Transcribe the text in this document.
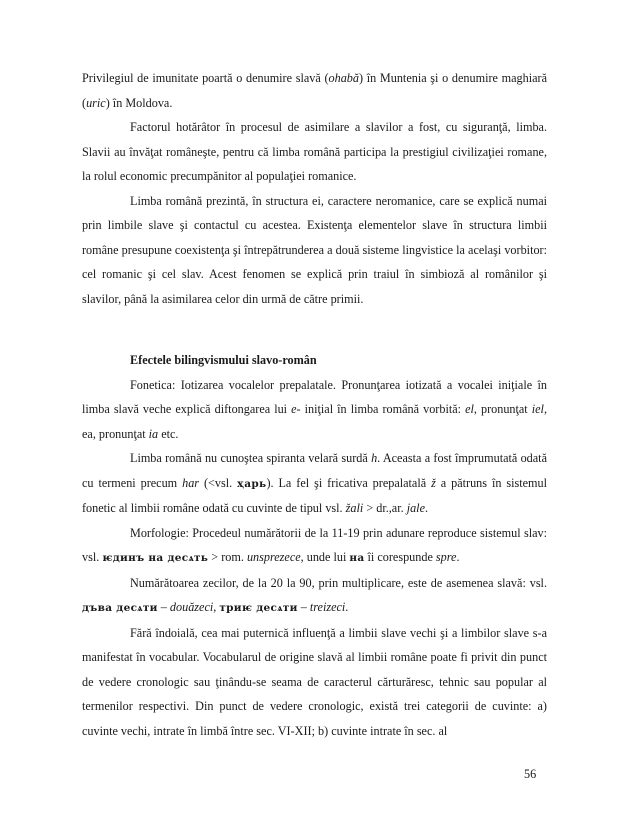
Privilegiul de imunitate poartă o denumire slavă (ohabă) în Muntenia şi o denumire maghiară (uric) în Moldova.

Factorul hotărâtor în procesul de asimilare a slavilor a fost, cu siguranţă, limba. Slavii au învăţat româneşte, pentru că limba română participa la prestigiul civilizaţiei romane, la rolul economic precumpănitor al populaţiei romanice.

Limba română prezintă, în structura ei, caractere neromanice, care se explică numai prin limbile slave şi contactul cu acestea. Existenţa elementelor slave în structura limbii române presupune coexistenţa şi întrepătrunderea a două sisteme lingvistice la acelaşi vorbitor: cel romanic şi cel slav. Acest fenomen se explică prin traiul în simbioză al românilor şi slavilor, până la asimilarea celor din urmă de către primii.

Efectele bilingvismului slavo-român

Fonetica: Iotizarea vocalelor prepalatale. Pronunţarea iotizată a vocalei iniţiale în limba slavă veche explică diftongarea lui e- iniţial în limba română vorbită: el, pronunţat iel, ea, pronunţat ia etc.

Limba română nu cunoştea spiranta velară surdă h. Aceasta a fost împrumutată odată cu termeni precum har (<vsl. ҳарь). La fel şi fricativa prepalatală ž a pătruns în sistemul fonetic al limbii române odată cu cuvinte de tipul vsl. žali > dr.,ar. jale.

Morfologie: Procedeul numărătorii de la 11-19 prin adunare reproduce sistemul slav: vsl. ѥдинъ на десѧть > rom. unsprezece, unde lui на îi corespunde spre.

Numărătoarea zecilor, de la 20 la 90, prin multiplicare, este de asemenea slavă: vsl. дъва десѧти – douăzeci, триѥ десѧти – treizeci.

Fără îndoială, cea mai puternică influenţă a limbii slave vechi şi a limbilor slave s-a manifestat în vocabular. Vocabularul de origine slavă al limbii române poate fi privit din punct de vedere cronologic sau ţinându-se seama de caracterul cărturăresc, tehnic sau popular al termenilor respectivi. Din punct de vedere cronologic, există trei categorii de cuvinte: a) cuvinte vechi, intrate în limbă între sec. VI-XII; b) cuvinte intrate în sec. al

56
